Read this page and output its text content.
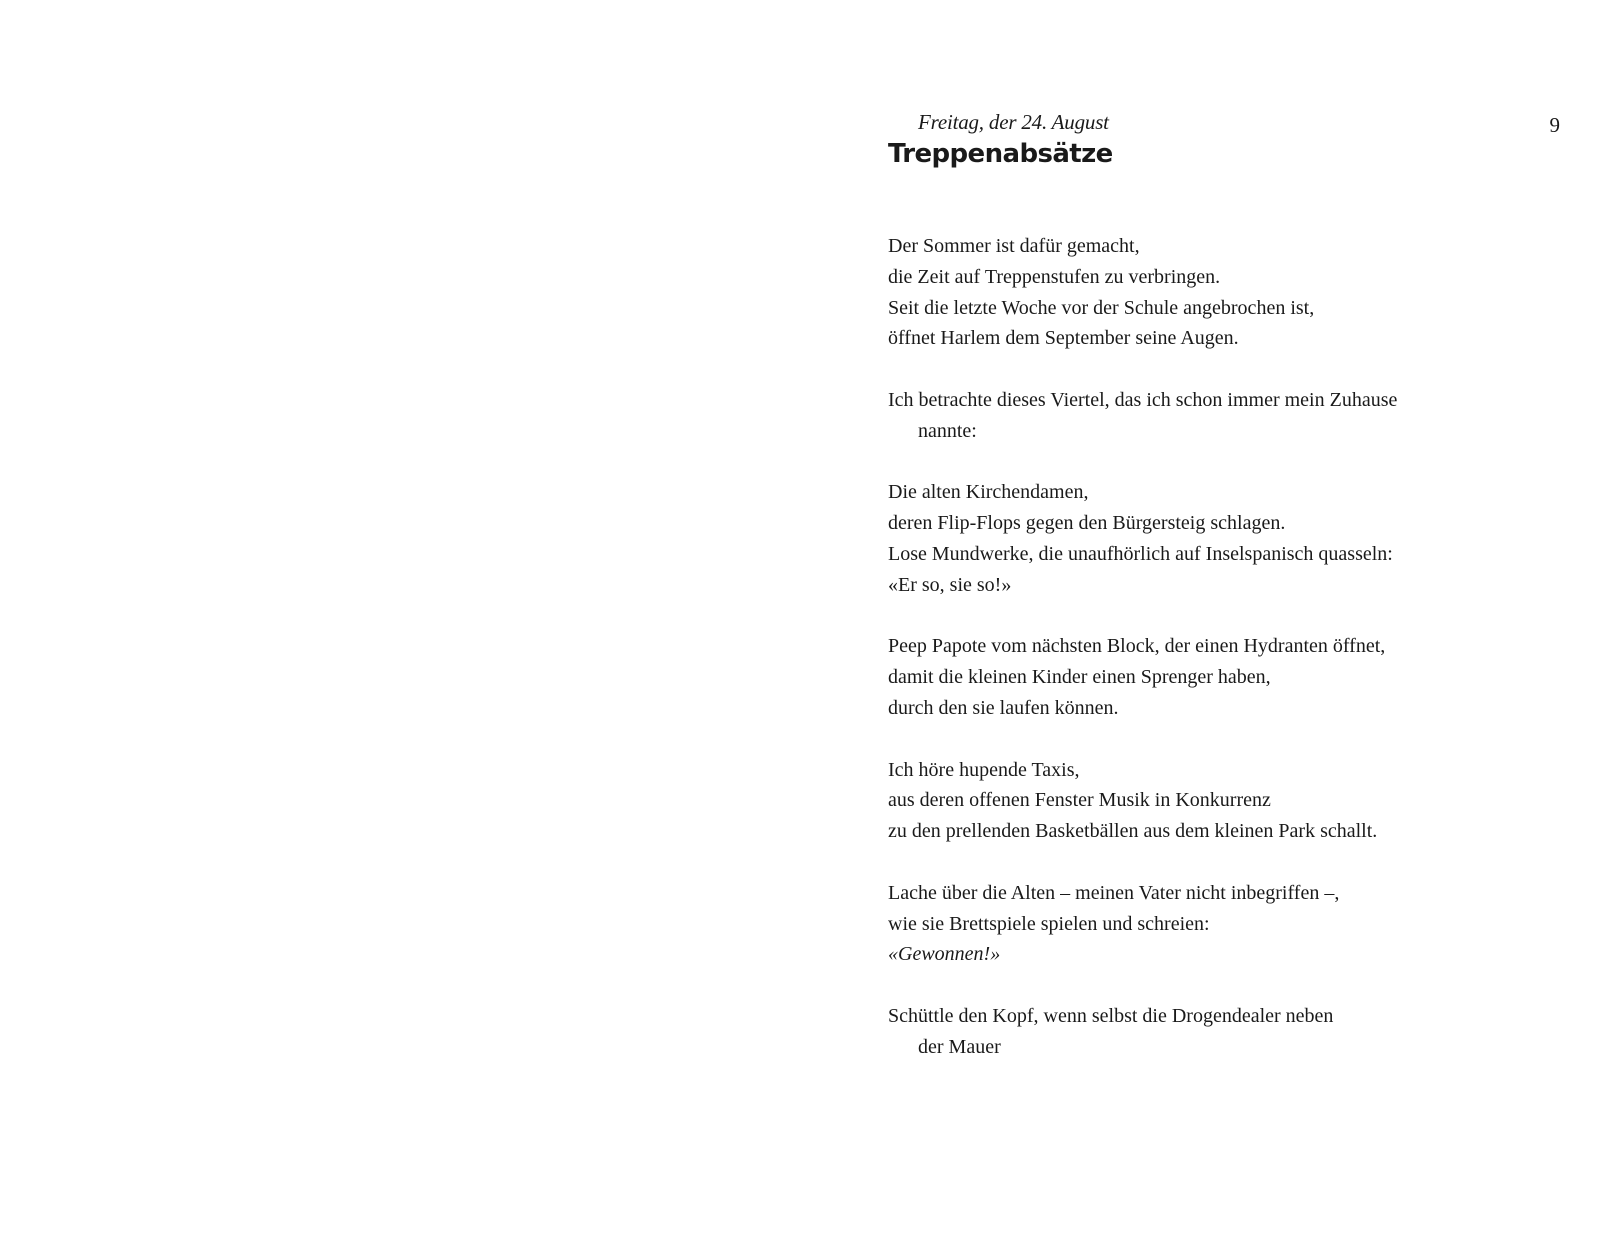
9
Freitag, der 24. August
Treppenabsätze
Der Sommer ist dafür gemacht,
die Zeit auf Treppenstufen zu verbringen.
Seit die letzte Woche vor der Schule angebrochen ist,
öffnet Harlem dem September seine Augen.
Ich betrachte dieses Viertel, das ich schon immer mein Zuhause
nannte:
Die alten Kirchendamen,
deren Flip-Flops gegen den Bürgersteig schlagen.
Lose Mundwerke, die unaufhörlich auf Inselspanisch quasseln:
«Er so, sie so!»
Peep Papote vom nächsten Block, der einen Hydranten öffnet,
damit die kleinen Kinder einen Sprenger haben,
durch den sie laufen können.
Ich höre hupende Taxis,
aus deren offenen Fenster Musik in Konkurrenz
zu den prellenden Basketbällen aus dem kleinen Park schallt.
Lache über die Alten – meinen Vater nicht inbegriffen –,
wie sie Brettspiele spielen und schreien:
«Gewonnen!»
Schüttle den Kopf, wenn selbst die Drogendealer neben
der Mauer
